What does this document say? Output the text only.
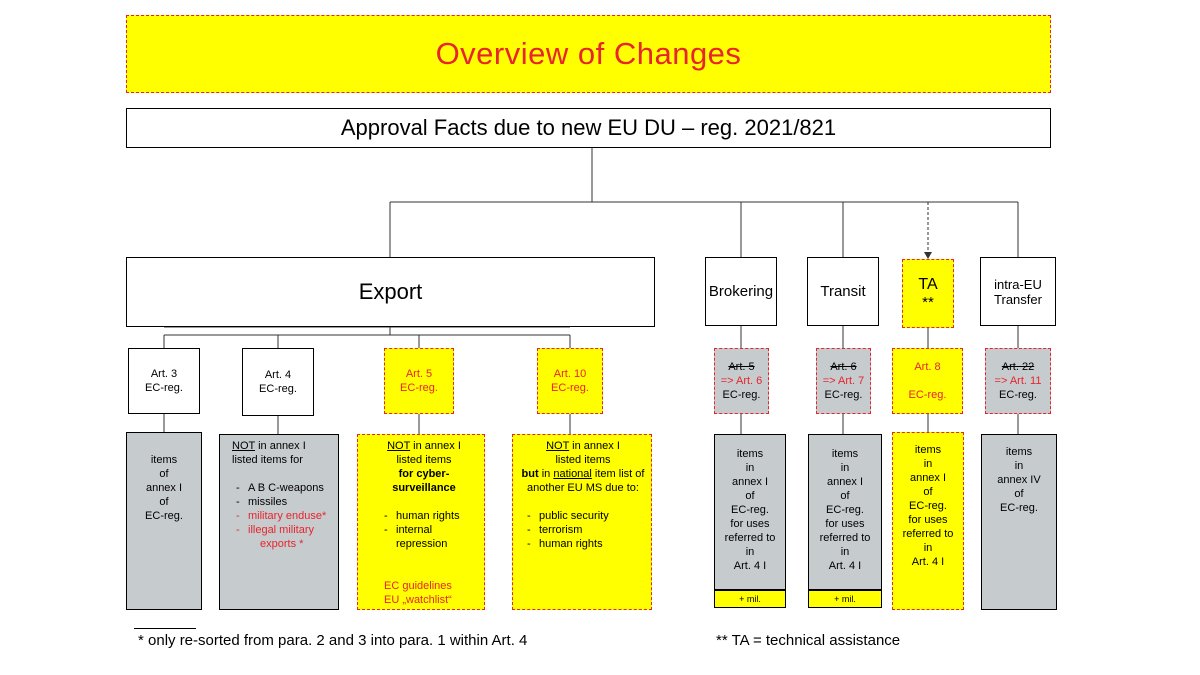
Overview of Changes
Approval Facts due to new EU DU – reg. 2021/821
Export	Brokering	Transit	TA
**
intra-EU
Transfer
Art. 3
EC-reg.
Art. 4
EC-reg.
Art. 5
EC-reg.
Art. 10
EC-reg.
Art. 5
=> Art. 6
EC-reg.
Art. 6
=> Art. 7
EC-reg.
Art. 8
EC-reg.
Art. 22
=> Art. 11
EC-reg.
items
of
annex I
of
EC-reg.
NOT in annex I
listed items for
- A B C-weapons
- missiles
- military enduse*
- illegal military
exports *
NOT in annex I
listed items
for cyber-
surveillance
- human rights
- internal
repression
EC guidelines
EU „watchlist“
NOT in annex I
listed items
but in national item list of
another EU MS due to:
- public security
- terrorism
- human rights
items
in
annex I
of
EC-reg.
for uses
referred to
in
Art. 4 I
+ mil.
items
in
annex I
of
EC-reg.
for uses
referred to
in
Art. 4 I
+ mil.
items
in
annex I
of
EC-reg.
for uses
referred to
in
Art. 4 I
items
in
annex IV
of
EC-reg.
* only re-sorted from para. 2 and 3 into para. 1 within Art. 4	** TA = technical assistance
